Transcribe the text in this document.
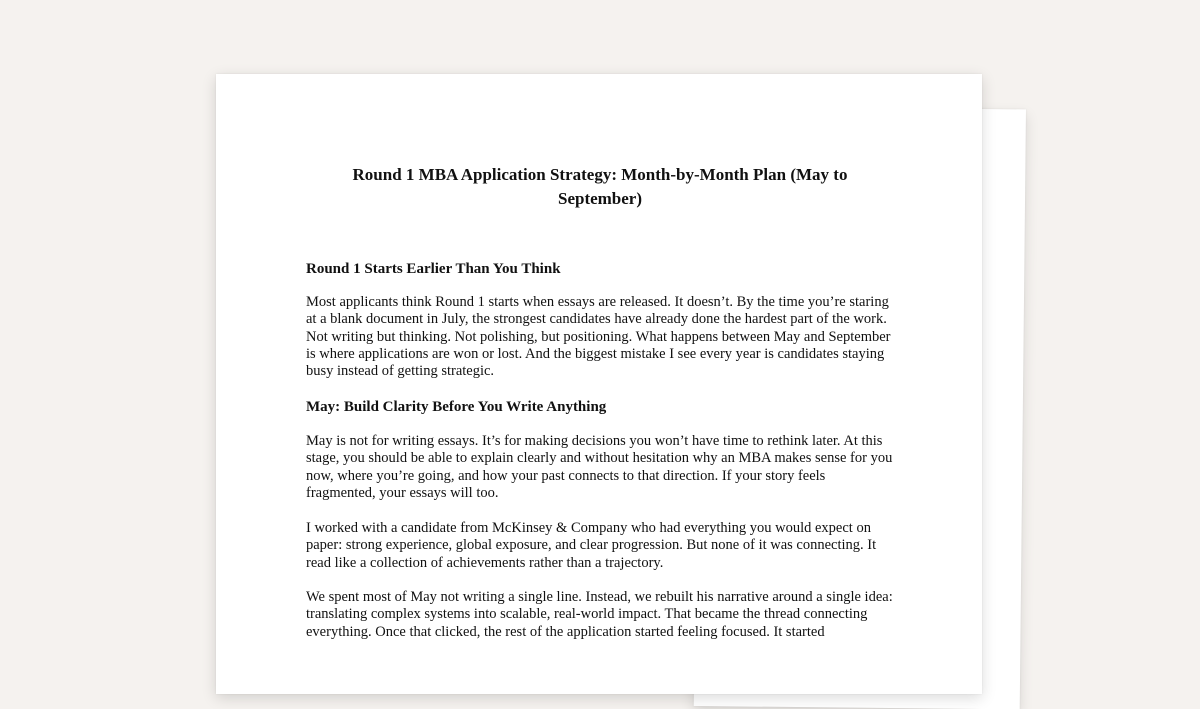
Round 1 MBA Application Strategy: Month-by-Month Plan (May to September)

Round 1 Starts Earlier Than You Think

Most applicants think Round 1 starts when essays are released. It doesn’t. By the time you’re staring at a blank document in July, the strongest candidates have already done the hardest part of the work. Not writing but thinking. Not polishing, but positioning. What happens between May and September is where applications are won or lost. And the biggest mistake I see every year is candidates staying busy instead of getting strategic.

May: Build Clarity Before You Write Anything

May is not for writing essays. It’s for making decisions you won’t have time to rethink later. At this stage, you should be able to explain clearly and without hesitation why an MBA makes sense for you now, where you’re going, and how your past connects to that direction. If your story feels fragmented, your essays will too.

I worked with a candidate from McKinsey & Company who had everything you would expect on paper: strong experience, global exposure, and clear progression. But none of it was connecting. It read like a collection of achievements rather than a trajectory.

We spent most of May not writing a single line. Instead, we rebuilt his narrative around a single idea: translating complex systems into scalable, real-world impact. That became the thread connecting everything. Once that clicked, the rest of the application started feeling focused. It started
